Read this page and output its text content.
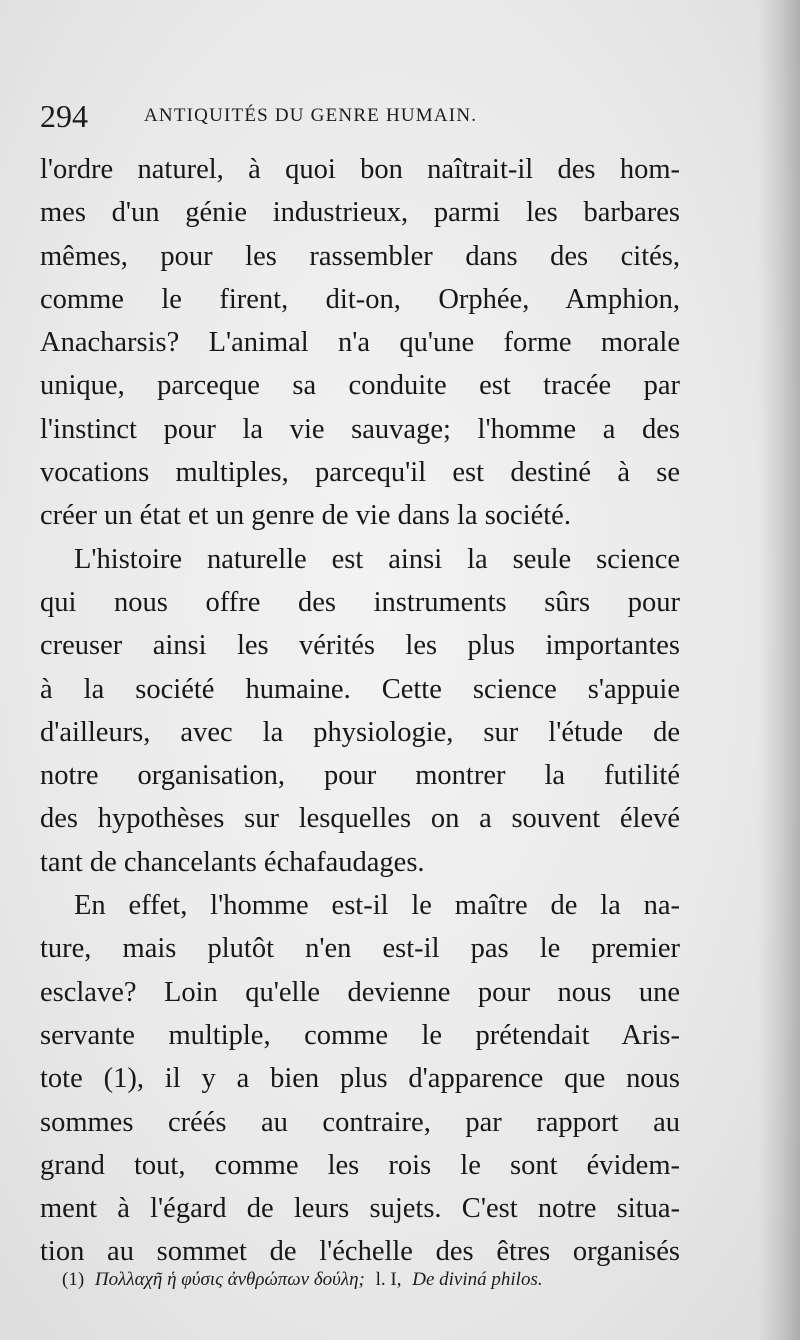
294	ANTIQUITÉS DU GENRE HUMAIN.
l'ordre naturel, à quoi bon naîtrait-il des hom-
mes d'un génie industrieux, parmi les barbares
mêmes, pour les rassembler dans des cités,
comme le firent, dit-on, Orphée, Amphion,
Anacharsis? L'animal n'a qu'une forme morale
unique, parceque sa conduite est tracée par
l'instinct pour la vie sauvage; l'homme a des
vocations multiples, parcequ'il est destiné à se
créer un état et un genre de vie dans la société.
L'histoire naturelle est ainsi la seule science
qui nous offre des instruments sûrs pour
creuser ainsi les vérités les plus importantes
à la société humaine. Cette science s'appuie
d'ailleurs, avec la physiologie, sur l'étude de
notre organisation, pour montrer la futilité
des hypothèses sur lesquelles on a souvent élevé
tant de chancelants échafaudages.
En effet, l'homme est-il le maître de la na-
ture, mais plutôt n'en est-il pas le premier
esclave? Loin qu'elle devienne pour nous une
servante multiple, comme le prétendait Aris-
tote (1), il y a bien plus d'apparence que nous
sommes créés au contraire, par rapport au
grand tout, comme les rois le sont évidem-
ment à l'égard de leurs sujets. C'est notre situa-
tion au sommet de l'échelle des êtres organisés
(1) Πολλαχῆ ἡ φύσις ἀνθρώπων δούλη; l. I, De diviná philos.
